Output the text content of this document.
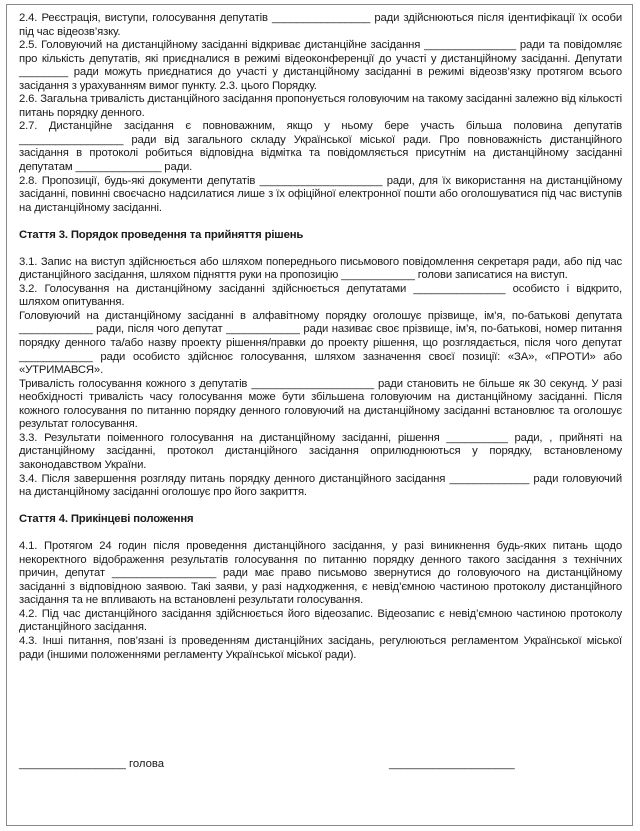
2.4. Реєстрація, виступи, голосування депутатів ________________ ради здійснюються після ідентифікації їх особи під час відеозв’язку.

2.5. Головуючий на дистанційному засіданні відкриває дистанційне засідання _______________ ради та повідомляє про кількість депутатів, які приєдналися в режимі відеоконференції до участі у дистанційному засіданні. Депутати ________ ради можуть приєднатися до участі у дистанційному засіданні в режимі відеозв’язку протягом всього засідання з урахуванням вимог пункту. 2.3. цього Порядку.

2.6. Загальна тривалість дистанційного засідання пропонується головуючим на такому засіданні залежно від кількості питань порядку денного.

2.7. Дистанційне засідання є повноважним, якщо у ньому бере участь більша половина депутатів _________________ ради від загального складу Української міської ради. Про повноважність дистанційного засідання в протоколі робиться відповідна відмітка та повідомляється присутнім на дистанційному засіданні депутатам ______________ ради.

2.8. Пропозиції, будь-які документи депутатів ____________________ ради, для їх використання на дистанційному засіданні, повинні своєчасно надсилатися лише з їх офіційної електронної пошти або оголошуватися під час виступів на дистанційному засіданні.

Стаття 3. Порядок проведення та прийняття рішень

3.1. Запис на виступ здійснюється або шляхом попереднього письмового повідомлення секретаря ради, або під час дистанційного засідання, шляхом підняття руки на пропозицію ____________ голови записатися на виступ.

3.2. Голосування на дистанційному засіданні здійснюється депутатами _______________ особисто і відкрито, шляхом опитування.

Головуючий на дистанційному засіданні в алфавітному порядку оголошує прізвище, ім’я, по-батькові депутата ____________ ради, після чого депутат ____________ ради називає своє прізвище, ім’я, по-батькові, номер питання порядку денного та/або назву проекту рішення/правки до проекту рішення, що розглядається, після чого депутат ____________ ради особисто здійснює голосування, шляхом зазначення своєї позиції: «ЗА», «ПРОТИ» або «УТРИМАВСЯ».

Тривалість голосування кожного з депутатів ____________________ ради становить не більше як 30 секунд. У разі необхідності тривалість часу голосування може бути збільшена головуючим на дистанційному засіданні. Після кожного голосування по питанню порядку денного головуючий на дистанційному засіданні встановлює та оголошує результат голосування.

3.3. Результати поіменного голосування на дистанційному засіданні, рішення __________ ради, , прийняті на дистанційному засіданні, протокол дистанційного засідання оприлюднюються у порядку, встановленому законодавством України.

3.4. Після завершення розгляду питань порядку денного дистанційного засідання _____________ ради головуючий на дистанційному засіданні оголошує про його закриття.

Стаття 4. Прикінцеві положення

4.1. Протягом 24 годин після проведення дистанційного засідання, у разі виникнення будь-яких питань щодо некоректного відображення результатів голосування по питанню порядку денного такого засідання з технічних причин, депутат _________________ ради має право письмово звернутися до головуючого на дистанційному засіданні з відповідною заявою. Такі заяви, у разі надходження, є невід’ємною частиною протоколу дистанційного засідання та не впливають на встановлені результати голосування.

4.2. Під час дистанційного засідання здійснюється його відеозапис. Відеозапис є невід’ємною частиною протоколу дистанційного засідання.

4.3. Інші питання, пов’язані із проведенням дистанційних засідань, регулюються регламентом Української міської ради (іншими положеннями регламенту Української міської ради).

_________________ голова	____________________
